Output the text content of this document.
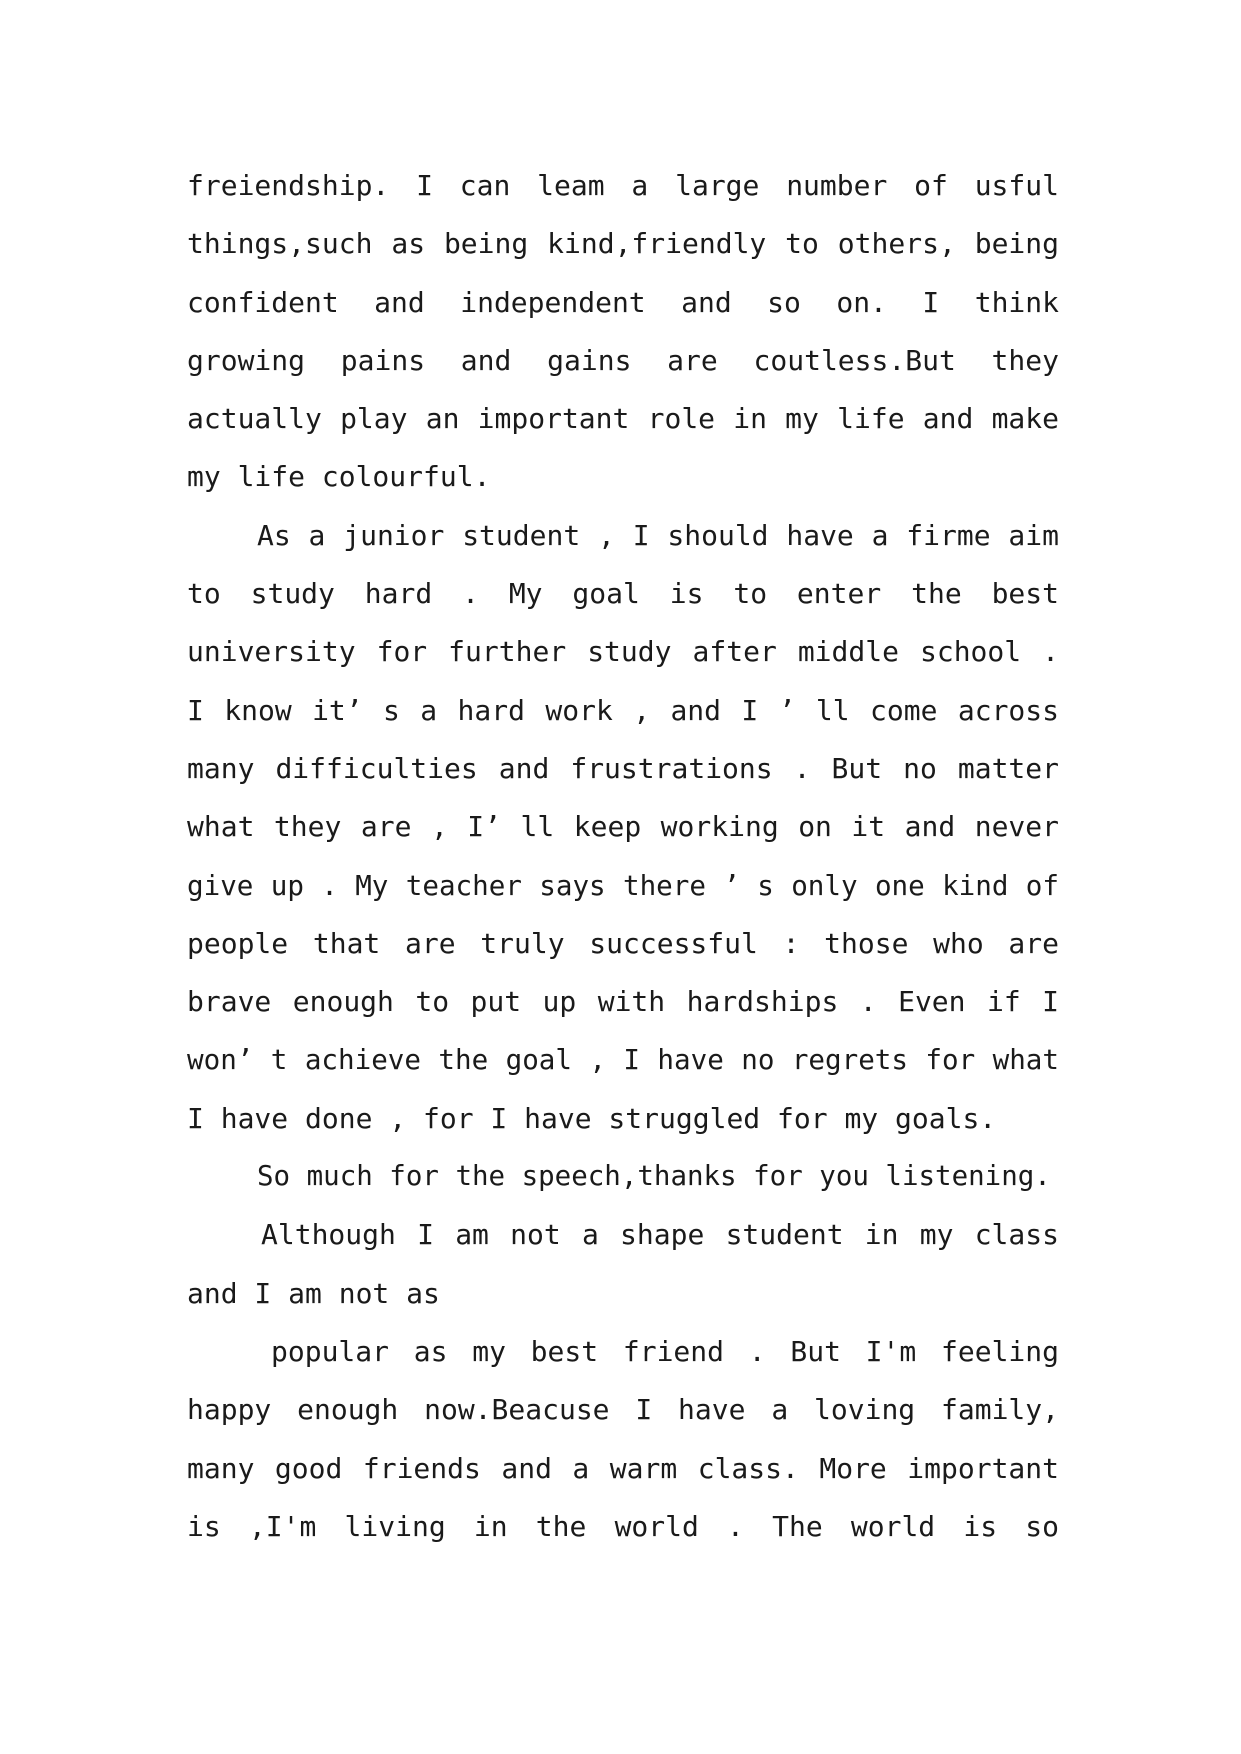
freiendship. I can leam a large number of usful
things,such as being kind,friendly to others, being
confident and independent and so on. I think
growing pains and gains are coutless.But they
actually play an important role in my life and make
my life colourful.
As a junior student , I should have a firme aim
to study hard . My goal is to enter the best
university for further study after middle school .
I know it’ s a hard work , and I ’ ll come across
many difficulties and frustrations . But no matter
what they are , I’ ll keep working on it and never
give up . My teacher says there ’ s only one kind of
people that are truly successful : those who are
brave enough to put up with hardships . Even if I
won’ t achieve the goal , I have no regrets for what
I have done , for I have struggled for my goals.
So much for the speech,thanks for you listening.
Although I am not a shape student in my class
and I am not as
popular as my best friend . But I'm feeling
happy enough now.Beacuse I have a loving family,
many good friends and a warm class. More important
is ,I'm living in the world . The world is so
